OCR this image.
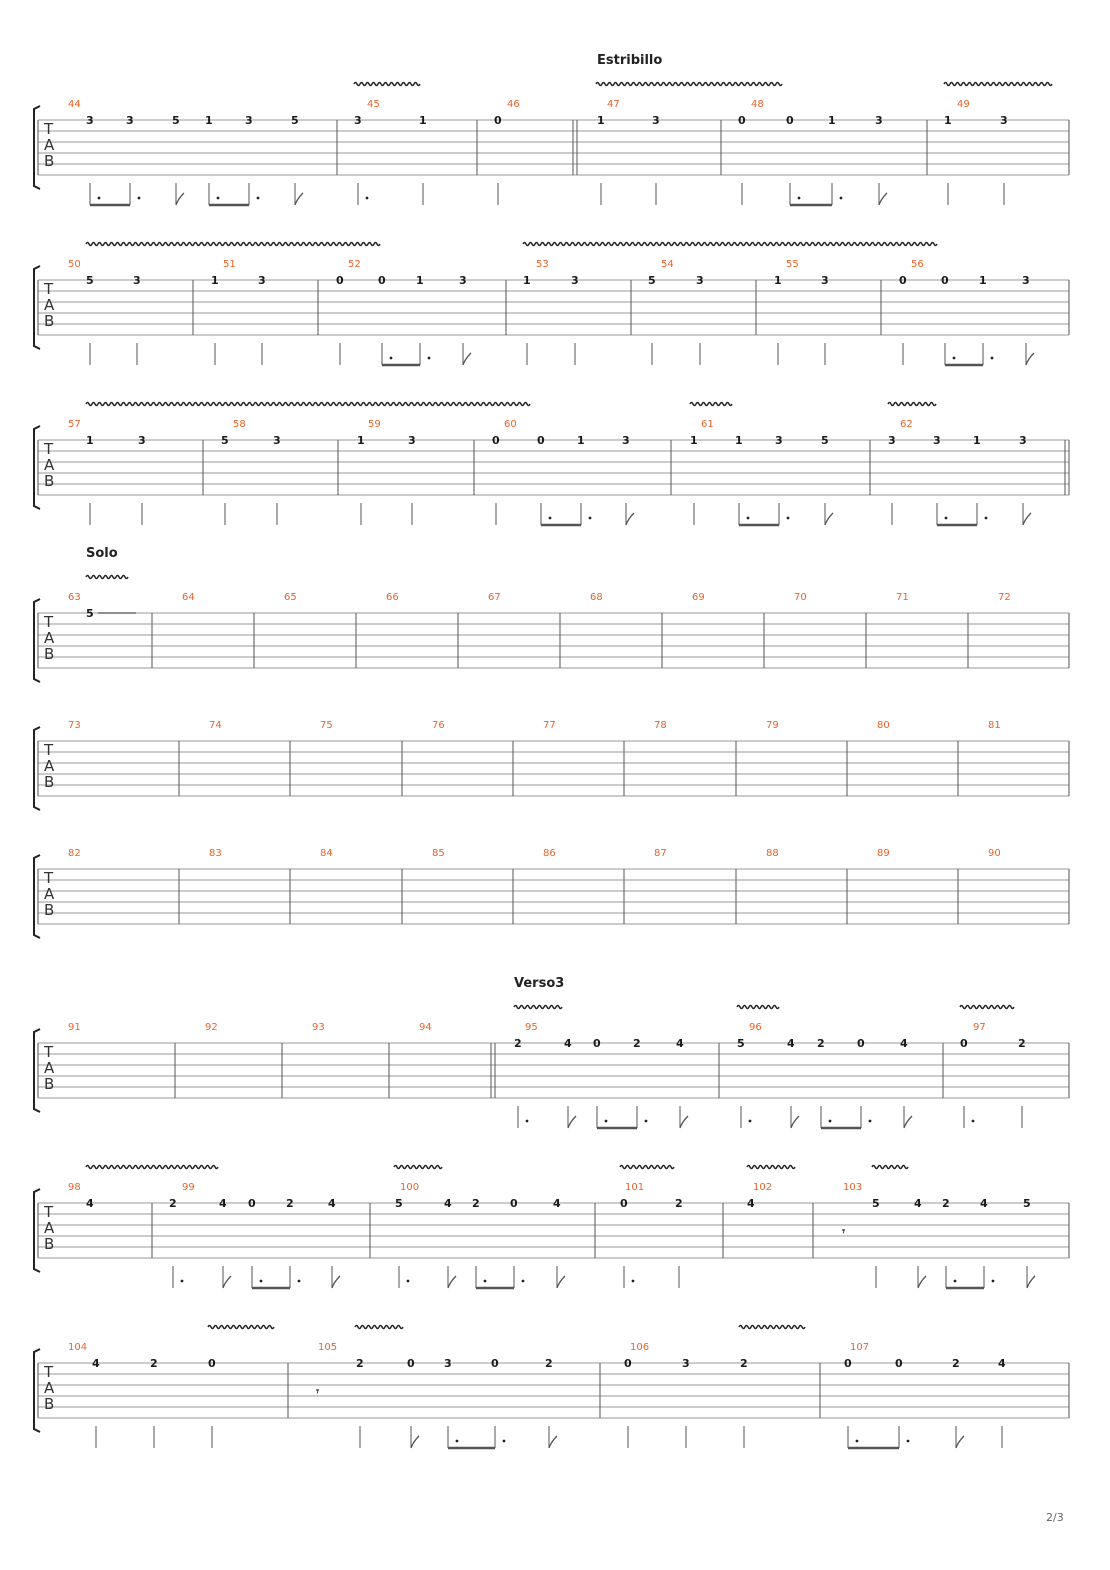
T
A
B
Estribillo
44
3	3	5 1	3	5
45
3	1
46
0
47
1	3
48
0	0	1	3
49
1	3
T
A
B
50
5	3
51
1	3
52
0	0	1	3
53
1	3
54
5	3
55
1	3
56
0	0	1	3
T
A
B
57
1	3
58
5	3
59
1	3
60
0	0	1	3
61
1	1	3	5
62
3	3	1	3
T
A
B
Solo
63
5
64	65	66	67	68	69	70	71	72
T
A
B
73	74	75	76	77	78	79	80	81
T
A
B
82	83	84	85	86	87	88	89	90
T
A
B
Verso3
91	92	93	94	95
2	4 0	2	4
96
5	4 2	0	4
97
0	2
T
A
B
98
4
99
2	4 0	2	4
100
5	4 2	0	4
101
0	2
102
4
103
𝄾
5	4 2	4	5
T
A
B
104
4	2	0
105
𝄾
2	0	3	0	2
106
0	3	2
107
0	0	2	4
2/3
